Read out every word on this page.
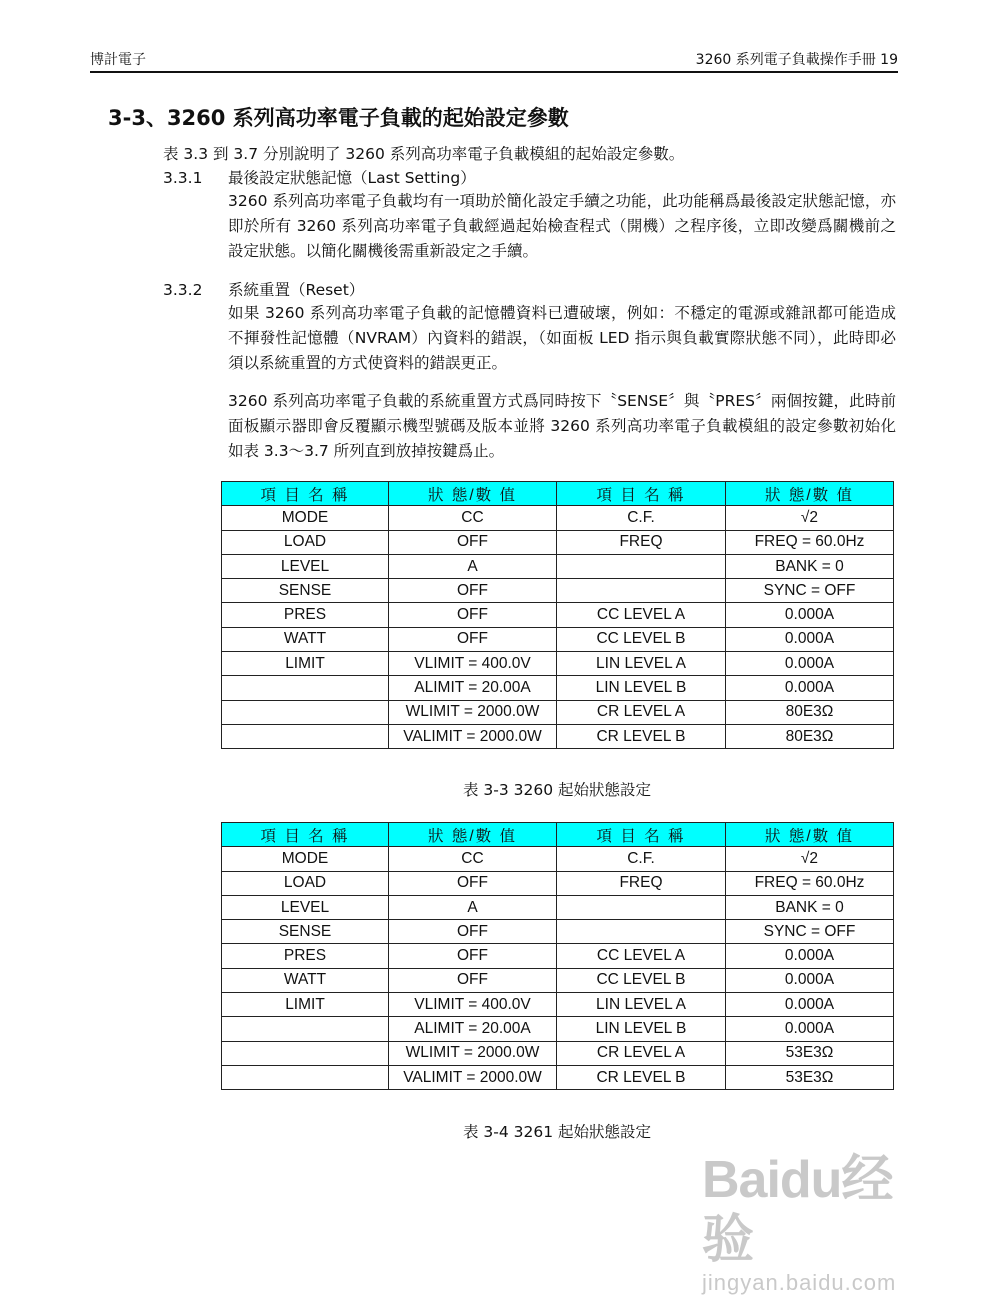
博計電子	3260 系列電子負載操作手冊 19
3-3、3260 系列高功率電子負載的起始設定參數
表 3.3 到 3.7 分別說明了 3260 系列高功率電子負載模組的起始設定參數。
3.3.1 最後設定狀態記憶（Last Setting）
3260 系列高功率電子負載均有一項助於簡化設定手續之功能，此功能稱爲最後設定狀態記憶，亦即於所有 3260 系列高功率電子負載經過起始檢查程式（開機）之程序後，立即改變爲關機前之設定狀態。以簡化關機後需重新設定之手續。
3.3.2 系統重置（Reset）
如果 3260 系列高功率電子負載的記憶體資料已遭破壞，例如：不穩定的電源或雜訊都可能造成不揮發性記憶體（NVRAM）內資料的錯誤，（如面板 LED 指示與負載實際狀態不同），此時即必須以系統重置的方式使資料的錯誤更正。
3260 系列高功率電子負載的系統重置方式爲同時按下〝SENSE〞與〝PRES〞兩個按鍵，此時前面板顯示器即會反覆顯示機型號碼及版本並將 3260 系列高功率電子負載模組的設定參數初始化如表 3.3～3.7 所列直到放掉按鍵爲止。
項 目 名 稱	狀 態/數 值	項 目 名 稱	狀 態/數 值
MODE	CC	C.F.	√2
LOAD	OFF	FREQ	FREQ = 60.0Hz
LEVEL	A		BANK = 0
SENSE	OFF		SYNC = OFF
PRES	OFF	CC LEVEL A	0.000A
WATT	OFF	CC LEVEL B	0.000A
LIMIT	VLIMIT = 400.0V	LIN LEVEL A	0.000A
	ALIMIT = 20.00A	LIN LEVEL B	0.000A
	WLIMIT = 2000.0W	CR LEVEL A	80E3Ω
	VALIMIT = 2000.0W	CR LEVEL B	80E3Ω
表 3-3 3260 起始狀態設定
項 目 名 稱	狀 態/數 值	項 目 名 稱	狀 態/數 值
MODE	CC	C.F.	√2
LOAD	OFF	FREQ	FREQ = 60.0Hz
LEVEL	A		BANK = 0
SENSE	OFF		SYNC = OFF
PRES	OFF	CC LEVEL A	0.000A
WATT	OFF	CC LEVEL B	0.000A
LIMIT	VLIMIT = 400.0V	LIN LEVEL A	0.000A
	ALIMIT = 20.00A	LIN LEVEL B	0.000A
	WLIMIT = 2000.0W	CR LEVEL A	53E3Ω
	VALIMIT = 2000.0W	CR LEVEL B	53E3Ω
表 3-4 3261 起始狀態設定
Baidu经验
jingyan.baidu.com
